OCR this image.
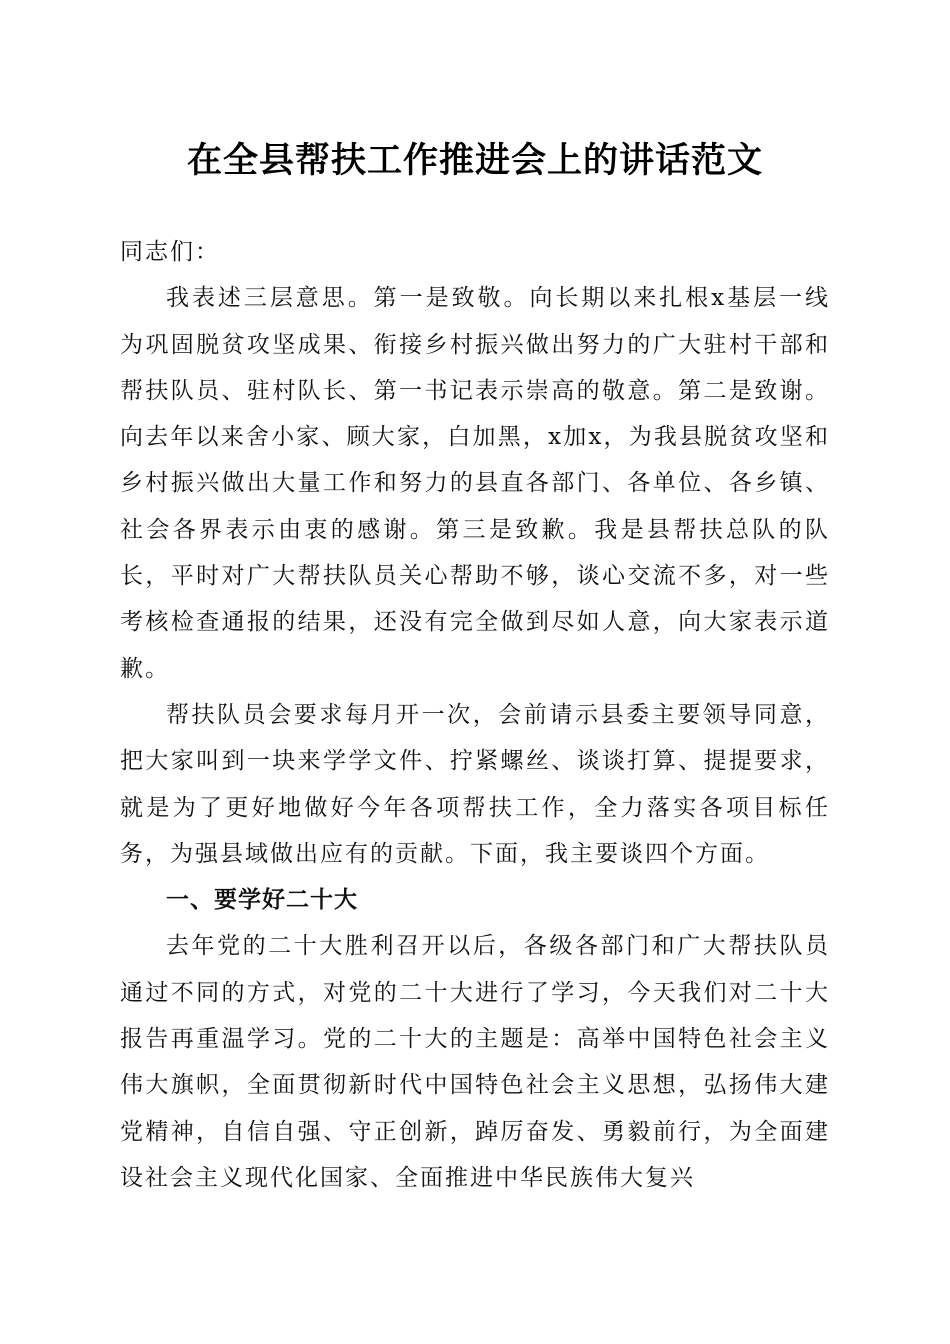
在全县帮扶工作推进会上的讲话范文

同志们：

我表述三层意思。第一是致敬。向长期以来扎根x基层一线为巩固脱贫攻坚成果、衔接乡村振兴做出努力的广大驻村干部和帮扶队员、驻村队长、第一书记表示崇高的敬意。第二是致谢。向去年以来舍小家、顾大家，白加黑，x加x，为我县脱贫攻坚和乡村振兴做出大量工作和努力的县直各部门、各单位、各乡镇、社会各界表示由衷的感谢。第三是致歉。我是县帮扶总队的队长，平时对广大帮扶队员关心帮助不够，谈心交流不多，对一些考核检查通报的结果，还没有完全做到尽如人意，向大家表示道歉。

帮扶队员会要求每月开一次，会前请示县委主要领导同意，把大家叫到一块来学学文件、拧紧螺丝、谈谈打算、提提要求，就是为了更好地做好今年各项帮扶工作，全力落实各项目标任务，为强县域做出应有的贡献。下面，我主要谈四个方面。

一、要学好二十大

去年党的二十大胜利召开以后，各级各部门和广大帮扶队员通过不同的方式，对党的二十大进行了学习，今天我们对二十大报告再重温学习。党的二十大的主题是：高举中国特色社会主义伟大旗帜，全面贯彻新时代中国特色社会主义思想，弘扬伟大建党精神，自信自强、守正创新，踔厉奋发、勇毅前行，为全面建设社会主义现代化国家、全面推进中华民族伟大复兴
